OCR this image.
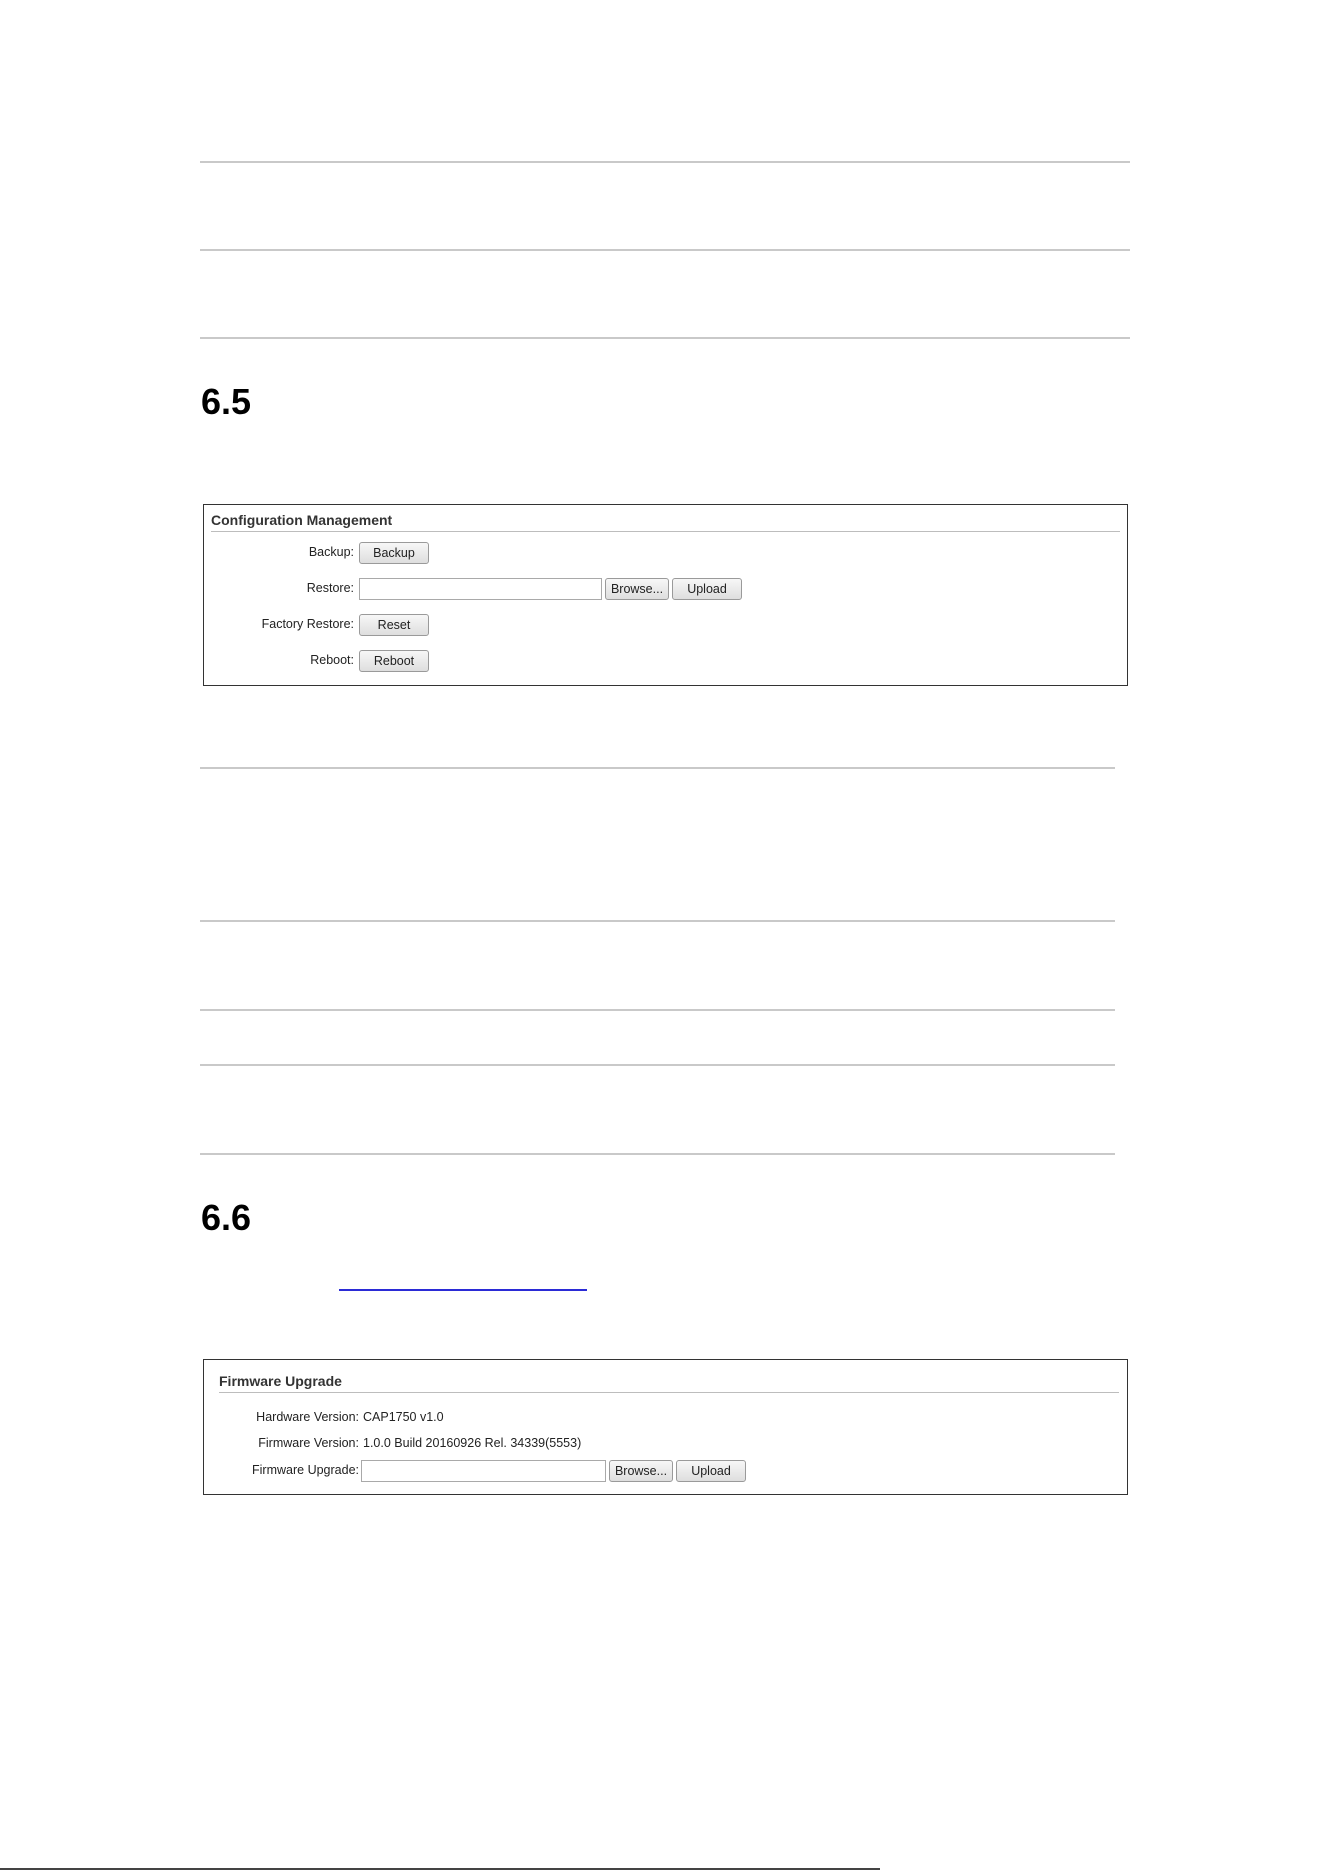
6.5
Configuration Management
Backup:	Backup
Restore:	Browse...	Upload
Factory Restore:	Reset
Reboot:	Reboot
6.6
Firmware Upgrade
Hardware Version: CAP1750 v1.0
Firmware Version: 1.0.0 Build 20160926 Rel. 34339(5553)
Firmware Upgrade:	Browse...	Upload
